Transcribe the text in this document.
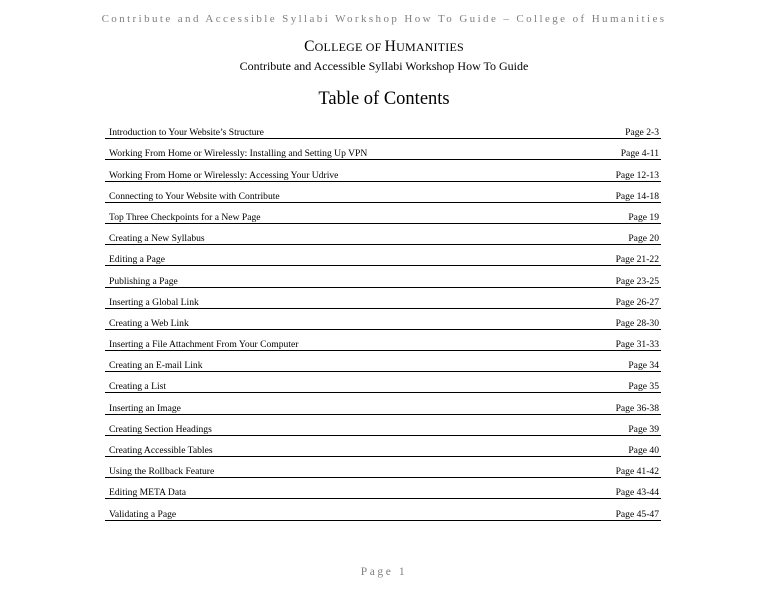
Contribute and Accessible Syllabi Workshop How To Guide – College of Humanities
COLLEGE OF HUMANITIES
Contribute and Accessible Syllabi Workshop How To Guide
Table of Contents
Introduction to Your Website’s Structure	Page 2-3
Working From Home or Wirelessly: Installing and Setting Up VPN	Page 4-11
Working From Home or Wirelessly: Accessing Your Udrive	Page 12-13
Connecting to Your Website with Contribute	Page 14-18
Top Three Checkpoints for a New Page	Page 19
Creating a New Syllabus	Page 20
Editing a Page	Page 21-22
Publishing a Page	Page 23-25
Inserting a Global Link	Page 26-27
Creating a Web Link	Page 28-30
Inserting a File Attachment From Your Computer	Page 31-33
Creating an E-mail Link	Page 34
Creating a List	Page 35
Inserting an Image	Page 36-38
Creating Section Headings	Page 39
Creating Accessible Tables	Page 40
Using the Rollback Feature	Page 41-42
Editing META Data	Page 43-44
Validating a Page	Page 45-47
Page 1
